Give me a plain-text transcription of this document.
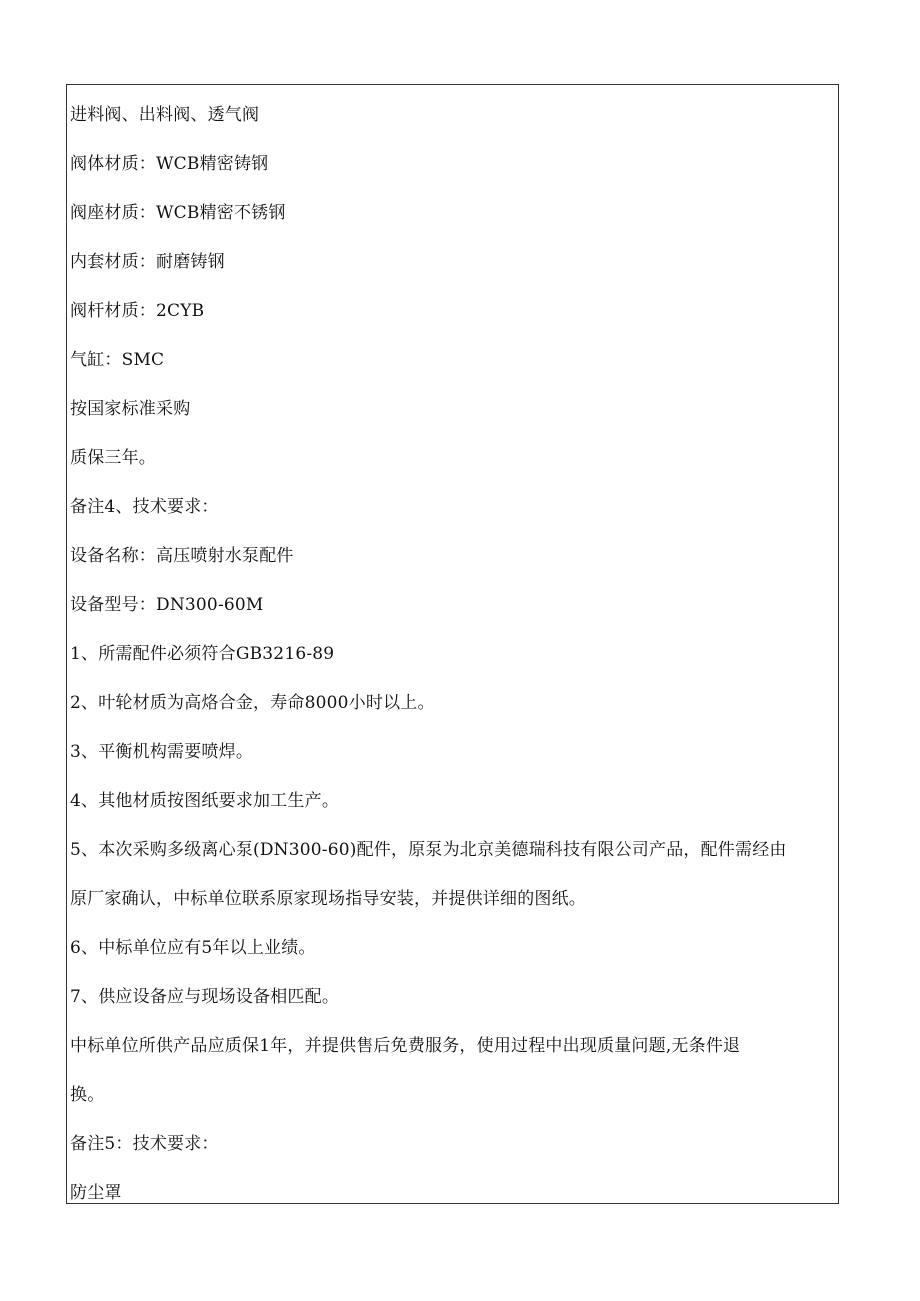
进料阀、出料阀、透气阀
阀体材质：WCB精密铸钢
阀座材质：WCB精密不锈钢
内套材质：耐磨铸钢
阀杆材质：2CYB
气缸：SMC
按国家标准采购
质保三年。
备注4、技术要求：
设备名称：高压喷射水泵配件
设备型号：DN300-60M
1、所需配件必须符合GB3216-89
2、叶轮材质为高烙合金，寿命8000小时以上。
3、平衡机构需要喷焊。
4、其他材质按图纸要求加工生产。
5、本次采购多级离心泵(DN300-60)配件，原泵为北京美德瑞科技有限公司产品，配件需经由
原厂家确认，中标单位联系原家现场指导安装，并提供详细的图纸。
6、中标单位应有5年以上业绩。
7、供应设备应与现场设备相匹配。
中标单位所供产品应质保1年，并提供售后免费服务，使用过程中出现质量问题,无条件退
换。
备注5：技术要求：
防尘罩
